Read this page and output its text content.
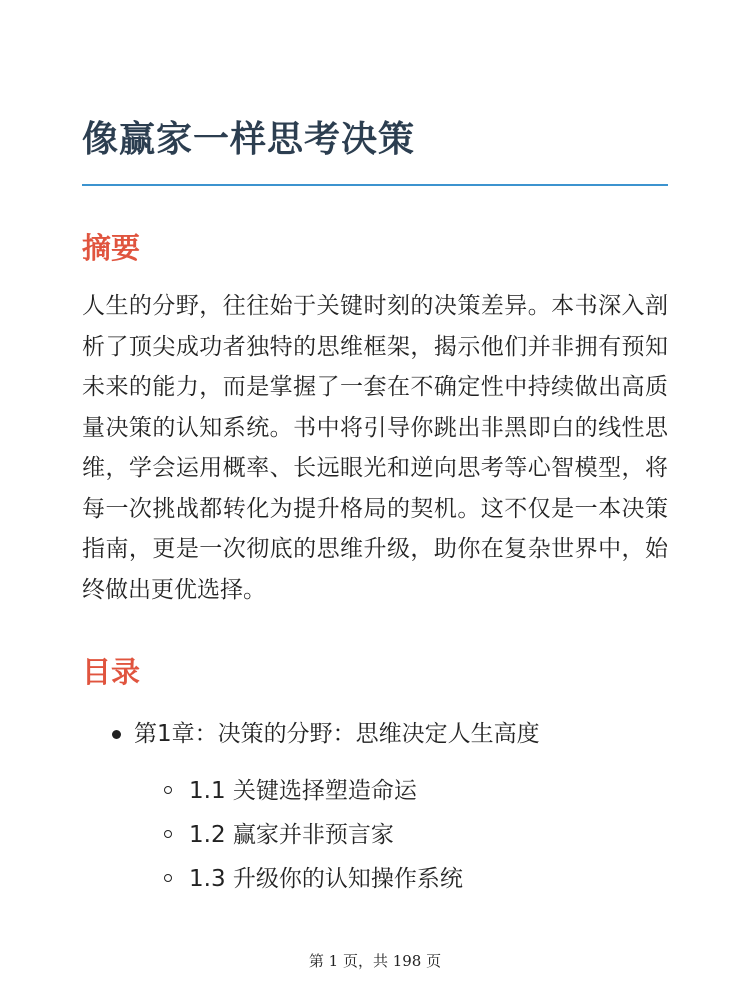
像赢家一样思考决策
摘要

人生的分野，往往始于关键时刻的决策差异。本书深入剖析了顶尖成功者独特的思维框架，揭示他们并非拥有预知未来的能力，而是掌握了一套在不确定性中持续做出高质量决策的认知系统。书中将引导你跳出非黑即白的线性思维，学会运用概率、长远眼光和逆向思考等心智模型，将每一次挑战都转化为提升格局的契机。这不仅是一本决策指南，更是一次彻底的思维升级，助你在复杂世界中，始终做出更优选择。

目录
第1章：决策的分野：思维决定人生高度
1.1 关键选择塑造命运
1.2 赢家并非预言家
1.3 升级你的认知操作系统
第 1 页，共 198 页
